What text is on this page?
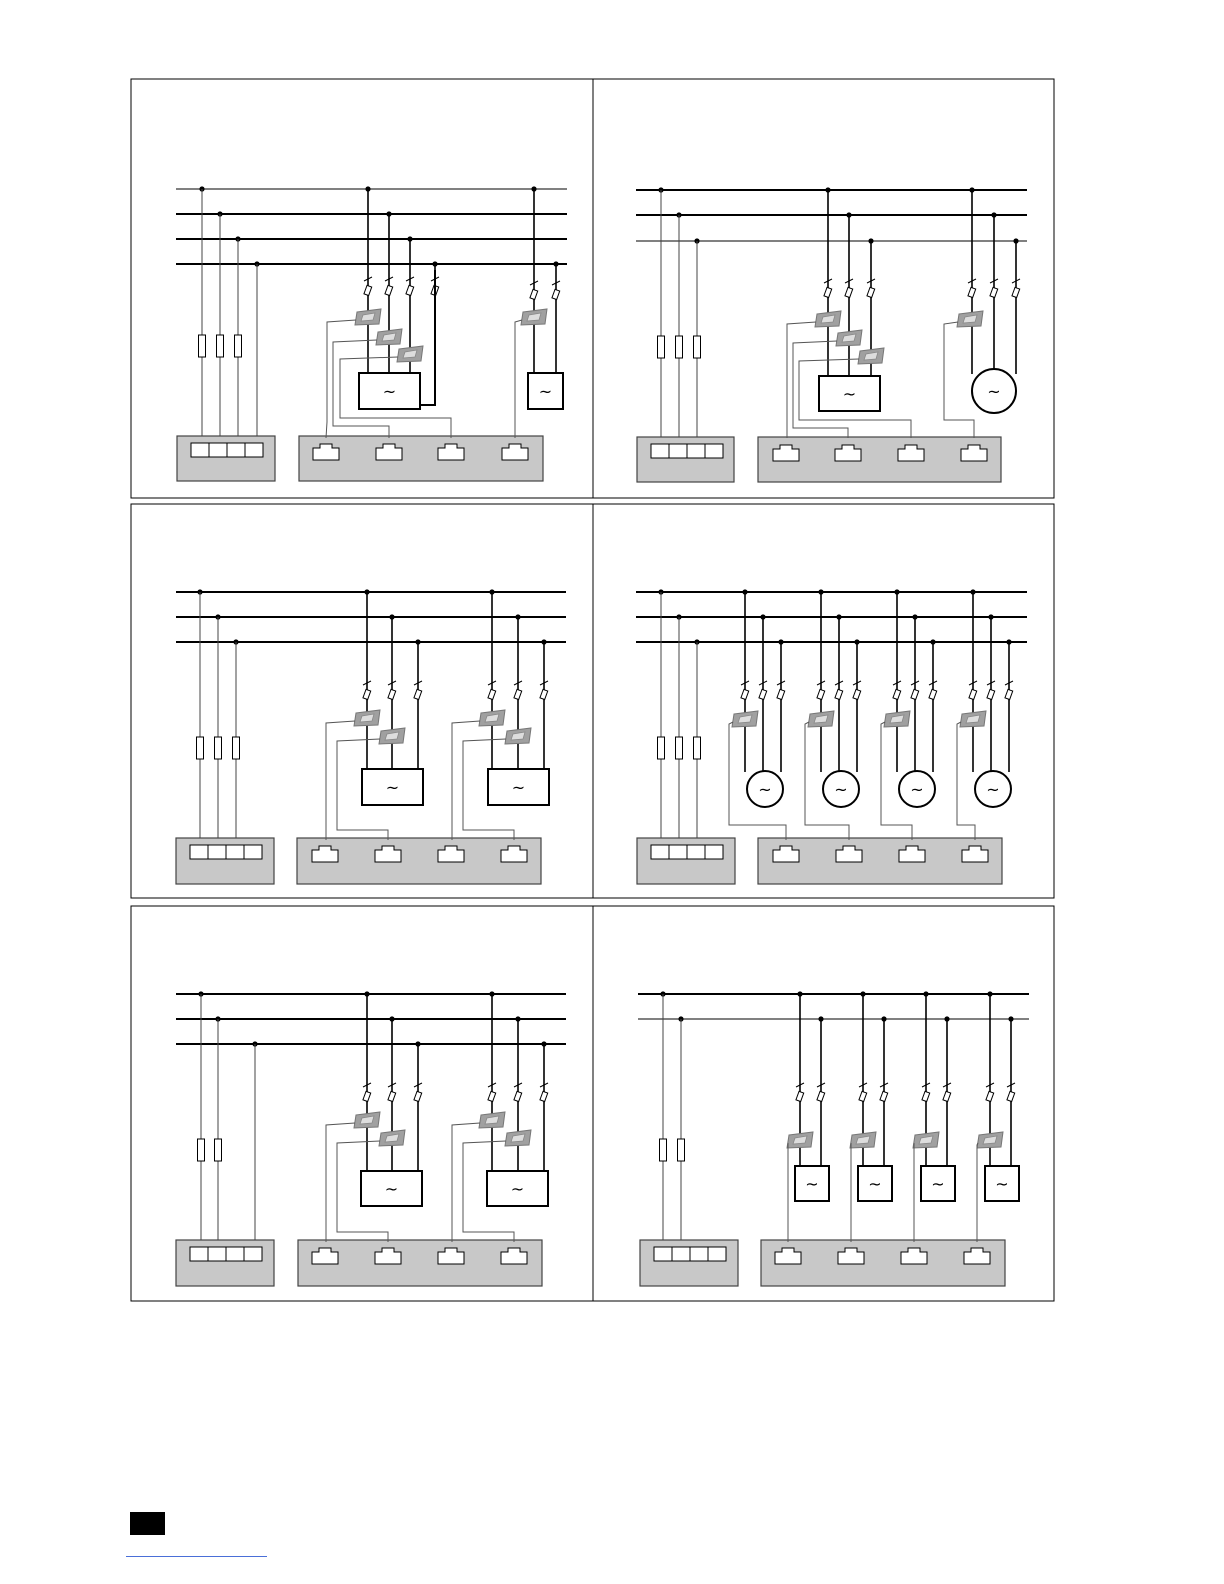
~	~	~	~
~	~	~	~	~	~
~	~	~	~	~	~
